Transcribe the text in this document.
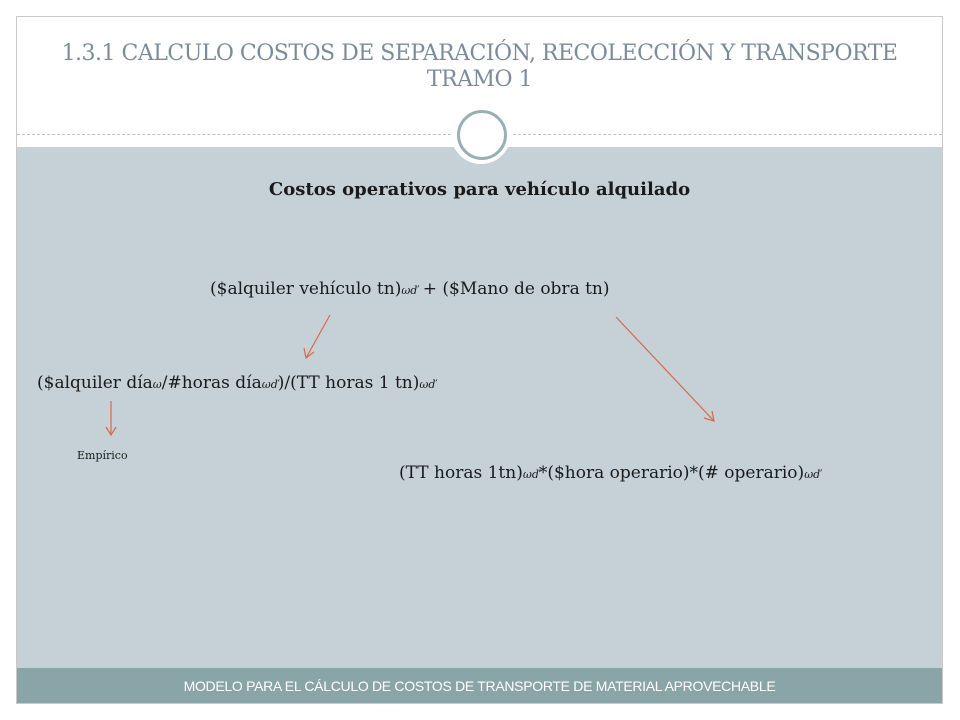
1.3.1 CALCULO COSTOS DE SEPARACIÓN, RECOLECCIÓN Y TRANSPORTE TRAMO 1
Costos operativos para vehículo alquilado
($alquiler vehículo tn)ωď + ($Mano de obra tn)
($alquiler díaω/#horas díaωď)/(TT horas 1 tn)ωď
Empírico
(TT horas 1tn)ωď*($hora operario)*(# operario)ωď
MODELO PARA EL CÁLCULO DE COSTOS DE TRANSPORTE DE MATERIAL APROVECHABLE
